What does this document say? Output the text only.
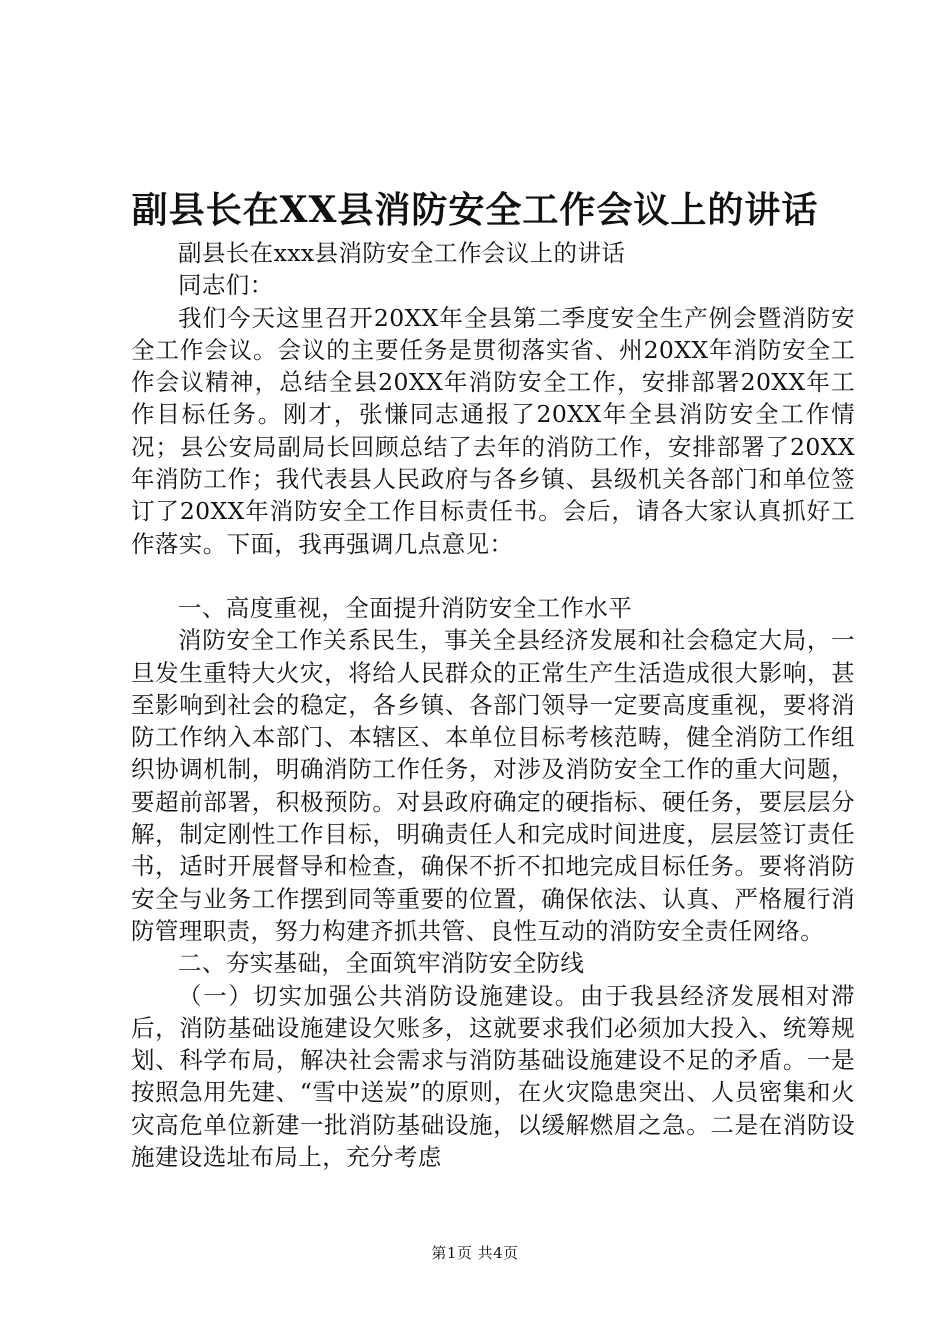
副县长在XX县消防安全工作会议上的讲话

副县长在xxx县消防安全工作会议上的讲话

同志们：

我们今天这里召开20XX年全县第二季度安全生产例会暨消防安全工作会议。会议的主要任务是贯彻落实省、州20XX年消防安全工作会议精神，总结全县20XX年消防安全工作，安排部署20XX年工作目标任务。刚才，张慊同志通报了20XX年全县消防安全工作情况；县公安局副局长回顾总结了去年的消防工作，安排部署了20XX年消防工作；我代表县人民政府与各乡镇、县级机关各部门和单位签订了20XX年消防安全工作目标责任书。会后，请各大家认真抓好工作落实。下面，我再强调几点意见：

一、高度重视，全面提升消防安全工作水平

消防安全工作关系民生，事关全县经济发展和社会稳定大局，一旦发生重特大火灾，将给人民群众的正常生产生活造成很大影响，甚至影响到社会的稳定，各乡镇、各部门领导一定要高度重视，要将消防工作纳入本部门、本辖区、本单位目标考核范畴，健全消防工作组织协调机制，明确消防工作任务，对涉及消防安全工作的重大问题，要超前部署，积极预防。对县政府确定的硬指标、硬任务，要层层分解，制定刚性工作目标，明确责任人和完成时间进度，层层签订责任书，适时开展督导和检查，确保不折不扣地完成目标任务。要将消防安全与业务工作摆到同等重要的位置，确保依法、认真、严格履行消防管理职责，努力构建齐抓共管、良性互动的消防安全责任网络。

二、夯实基础，全面筑牢消防安全防线

（一）切实加强公共消防设施建设。由于我县经济发展相对滞后，消防基础设施建设欠账多，这就要求我们必须加大投入、统筹规划、科学布局，解决社会需求与消防基础设施建设不足的矛盾。一是按照急用先建、“雪中送炭”的原则，在火灾隐患突出、人员密集和火灾高危单位新建一批消防基础设施，以缓解燃眉之急。二是在消防设施建设选址布局上，充分考虑

第1页 共4页
